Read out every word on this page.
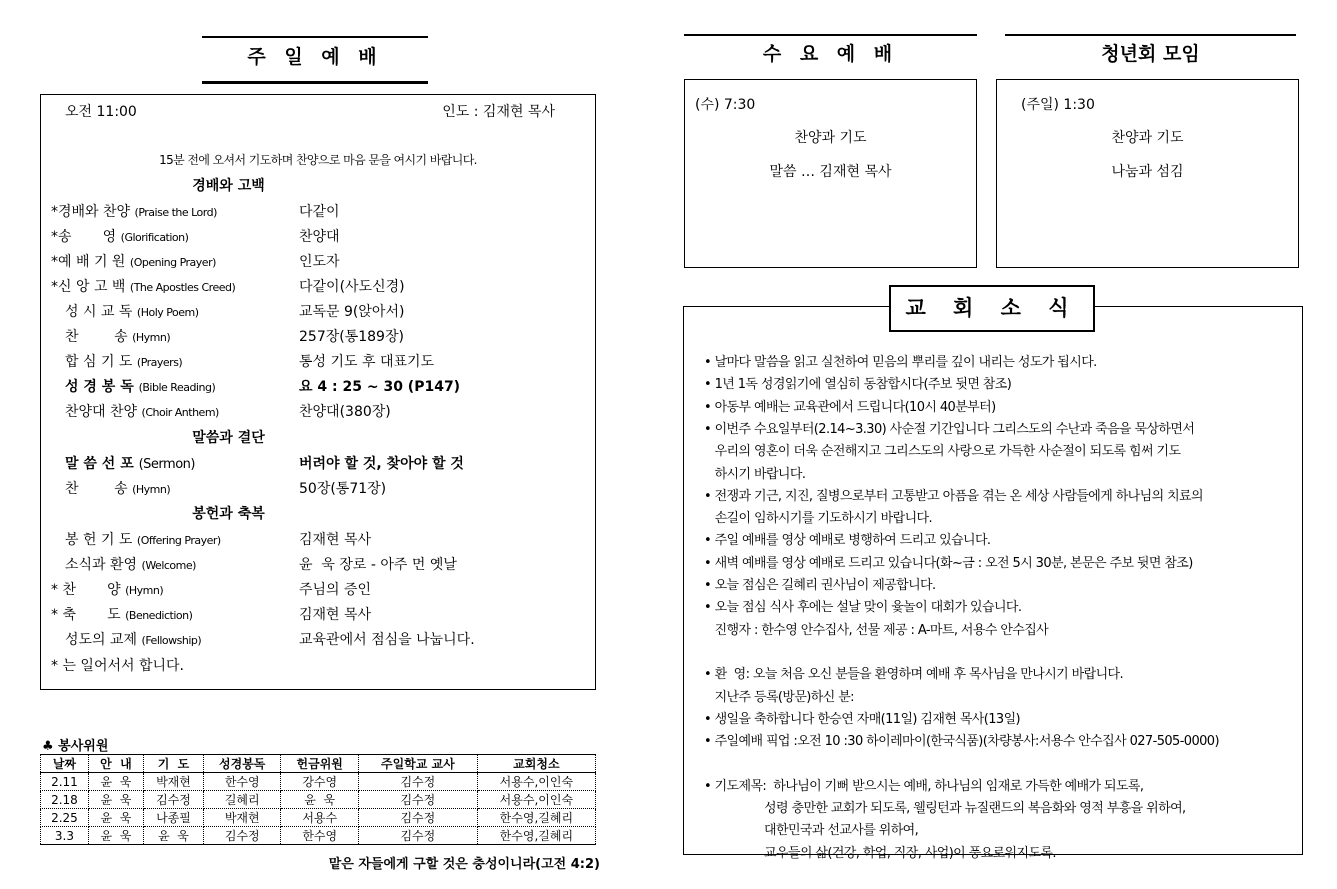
주 일 예 배
오전 11:00	인도 : 김재현 목사
15분 전에 오셔서 기도하며 찬양으로 마음 문을 여시기 바랍니다.
경배와 고백
*경배와 찬양 (Praise the Lord)	다같이
*송       영 (Glorification)	찬양대
*예 배 기 원 (Opening Prayer)	인도자
*신 앙 고 백 (The Apostles Creed)	다같이(사도신경)
성 시 교 독 (Holy Poem)	교독문 9(앉아서)
찬        송 (Hymn)	257장(통189장)
합 심 기 도 (Prayers)	통성 기도 후 대표기도
성 경 봉 독 (Bible Reading)	요 4 : 25 ~ 30 (P147)
찬양대 찬양 (Choir Anthem)	찬양대(380장)
말씀과 결단
말 씀 선 포 (Sermon)	버려야 할 것, 찾아야 할 것
찬        송 (Hymn)	50장(통71장)
봉헌과 축복
봉 헌 기 도 (Offering Prayer)	김재현 목사
소식과 환영 (Welcome)	윤  욱 장로 - 아주 먼 옛날
* 찬       양 (Hymn)	주님의 증인
* 축       도 (Benediction)	김재현 목사
성도의 교제 (Fellowship)	교육관에서 점심을 나눕니다.
* 는 일어서서 합니다.
♣ 봉사위원
날짜	안  내	기  도	성경봉독	헌금위원	주일학교 교사	교회청소
2.11	윤  욱	박재현	한수영	강수영	김수정	서용수,이인숙
2.18	윤  욱	김수정	길혜리	윤  욱	김수정	서용수,이인숙
2.25	윤  욱	나종필	박재현	서용수	김수정	한수영,길혜리
3.3	윤  욱	윤  욱	김수정	한수영	김수정	한수영,길혜리
맡은 자들에게 구할 것은 충성이니라(고전 4:2)
수 요 예 배
(수) 7:30
찬양과 기도
말씀 … 김재현 목사
청년회 모임
(주일) 1:30
찬양과 기도
나눔과 섬김
• 날마다 말씀을 읽고 실천하여 믿음의 뿌리를 깊이 내리는 성도가 됩시다.
• 1년 1독 성경읽기에 열심히 동참합시다(주보 뒷면 참조)
• 아동부 예배는 교육관에서 드립니다(10시 40분부터)
• 이번주 수요일부터(2.14~3.30) 사순절 기간입니다 그리스도의 수난과 죽음을 묵상하면서
우리의 영혼이 더욱 순전해지고 그리스도의 사랑으로 가득한 사순절이 되도록 힘써 기도
하시기 바랍니다.
• 전쟁과 기근, 지진, 질병으로부터 고통받고 아픔을 겪는 온 세상 사람들에게 하나님의 치료의
손길이 임하시기를 기도하시기 바랍니다.
• 주일 예배를 영상 예배로 병행하여 드리고 있습니다.
• 새벽 예배를 영상 예배로 드리고 있습니다(화~금 : 오전 5시 30분, 본문은 주보 뒷면 참조)
• 오늘 점심은 길혜리 권사님이 제공합니다.
• 오늘 점심 식사 후에는 설날 맞이 윷놀이 대회가 있습니다.
진행자 : 한수영 안수집사, 선물 제공 : A-마트, 서용수 안수집사
• 환  영: 오늘 처음 오신 분들을 환영하며 예배 후 목사님을 만나시기 바랍니다.
지난주 등록(방문)하신 분:
• 생일을 축하합니다 한승연 자매(11일) 김재현 목사(13일)
• 주일예배 픽업 :오전 10 :30 하이레마이(한국식품)(차량봉사:서용수 안수집사 027-505-0000)
• 기도제목:  하나님이 기뻐 받으시는 예배, 하나님의 임재로 가득한 예배가 되도록,
성령 충만한 교회가 되도록, 웰링턴과 뉴질랜드의 복음화와 영적 부흥을 위하여,
대한민국과 선교사를 위하여,
교우들의 삶(건강, 학업, 직장, 사업)이 풍요로워지도록.
교 회 소 식
